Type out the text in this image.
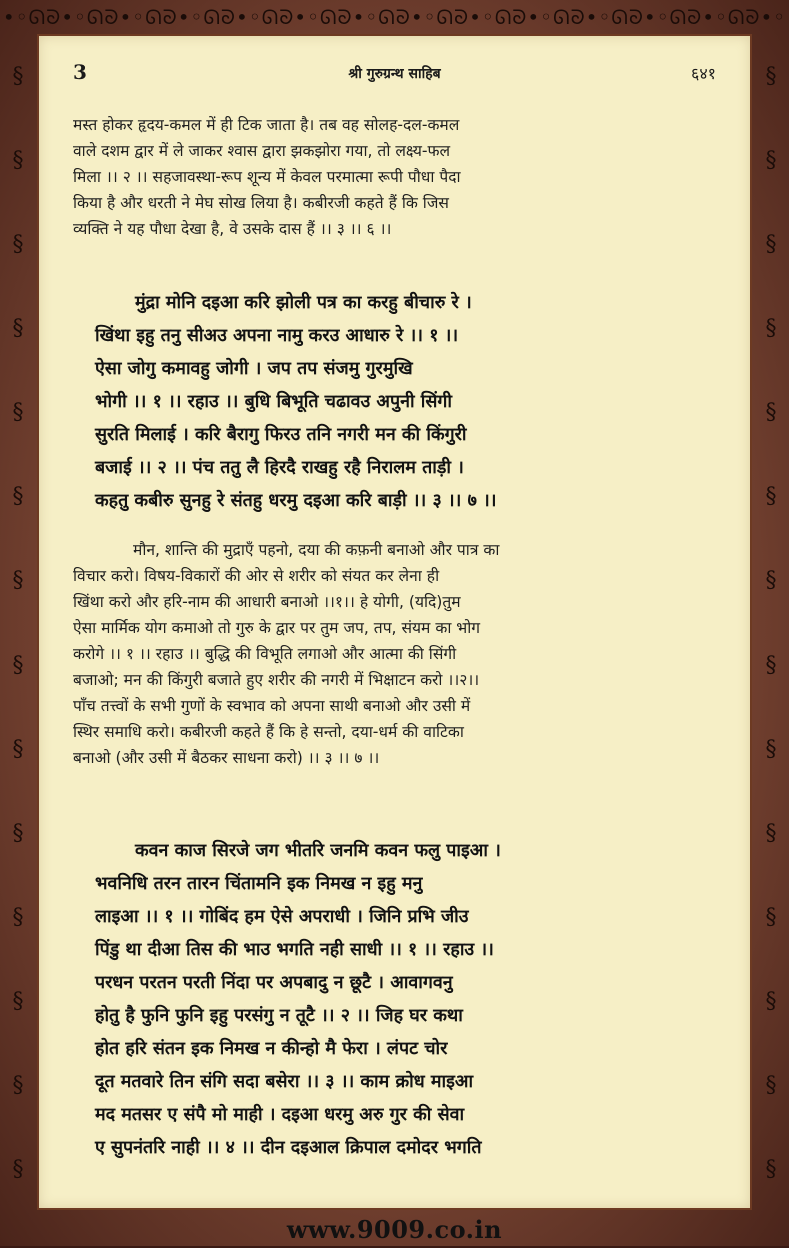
•◦ᘏᘐ•◦ᘏᘐ•◦ᘏᘐ•◦ᘏᘐ•◦ᘏᘐ•◦ᘏᘐ•◦ᘏᘐ•◦ᘏᘐ•◦ᘏᘐ•◦ᘏᘐ•◦ᘏᘐ•◦ᘏᘐ•◦ᘏᘐ•◦
§
§
§
§
§
§
§
§
§
§
§
§
§
§
§
§
§
§
§
§
§
§
§
§
§
§
§
§
www.9009.co.in
3	श्री गुरुग्रन्थ साहिब	६४१
मस्त होकर हृदय-कमल में ही टिक जाता है। तब वह सोलह-दल-कमल
वाले दशम द्वार में ले जाकर श्वास द्वारा झकझोरा गया, तो लक्ष्य-फल
मिला ।। २ ।। सहजावस्था-रूप शून्य में केवल परमात्मा रूपी पौधा पैदा
किया है और धरती ने मेघ सोख लिया है। कबीरजी कहते हैं कि जिस
व्यक्ति ने यह पौधा देखा है, वे उसके दास हैं ।। ३ ।। ६ ।।
मुंद्रा मोनि दइआ करि झोली पत्र का करहु बीचारु रे ।
खिंथा इहु तनु सीअउ अपना नामु करउ आधारु रे ।। १ ।।
ऐसा जोगु कमावहु जोगी । जप तप संजमु गुरमुखि
भोगी ।। १ ।। रहाउ ।। बुधि बिभूति चढावउ अपुनी सिंगी
सुरति मिलाई । करि बैरागु फिरउ तनि नगरी मन की किंगुरी
बजाई ।। २ ।। पंच ततु लै हिरदै राखहु रहै निरालम ताड़ी ।
कहतु कबीरु सुनहु रे संतहु धरमु दइआ करि बाड़ी ।। ३ ।। ७ ।।
मौन, शान्ति की मुद्राएँ पहनो, दया की कफ़नी बनाओ और पात्र का
विचार करो। विषय-विकारों की ओर से शरीर को संयत कर लेना ही
खिंथा करो और हरि-नाम की आधारी बनाओ ।।१।। हे योगी, (यदि)तुम
ऐसा मार्मिक योग कमाओ तो गुरु के द्वार पर तुम जप, तप, संयम का भोग
करोगे ।। १ ।। रहाउ ।। बुद्धि की विभूति लगाओ और आत्मा की सिंगी
बजाओ; मन की किंगुरी बजाते हुए शरीर की नगरी में भिक्षाटन करो ।।२।।
पाँच तत्त्वों के सभी गुणों के स्वभाव को अपना साथी बनाओ और उसी में
स्थिर समाधि करो। कबीरजी कहते हैं कि हे सन्तो, दया-धर्म की वाटिका
बनाओ (और उसी में बैठकर साधना करो) ।। ३ ।। ७ ।।
कवन काज सिरजे जग भीतरि जनमि कवन फलु पाइआ ।
भवनिधि तरन तारन चिंतामनि इक निमख न इहु मनु
लाइआ ।। १ ।। गोबिंद हम ऐसे अपराधी । जिनि प्रभि जीउ
पिंडु था दीआ तिस की भाउ भगति नही साधी ।। १ ।। रहाउ ।।
परधन परतन परती निंदा पर अपबादु न छूटै । आवागवनु
होतु है फुनि फुनि इहु परसंगु न तूटै ।। २ ।। जिह घर कथा
होत हरि संतन इक निमख न कीन्हो मै फेरा । लंपट चोर
दूत मतवारे तिन संगि सदा बसेरा ।। ३ ।। काम क्रोध माइआ
मद मतसर ए संपै मो माही । दइआ धरमु अरु गुर की सेवा
ए सुपनंतरि नाही ।। ४ ।। दीन दइआल क्रिपाल दमोदर भगति
